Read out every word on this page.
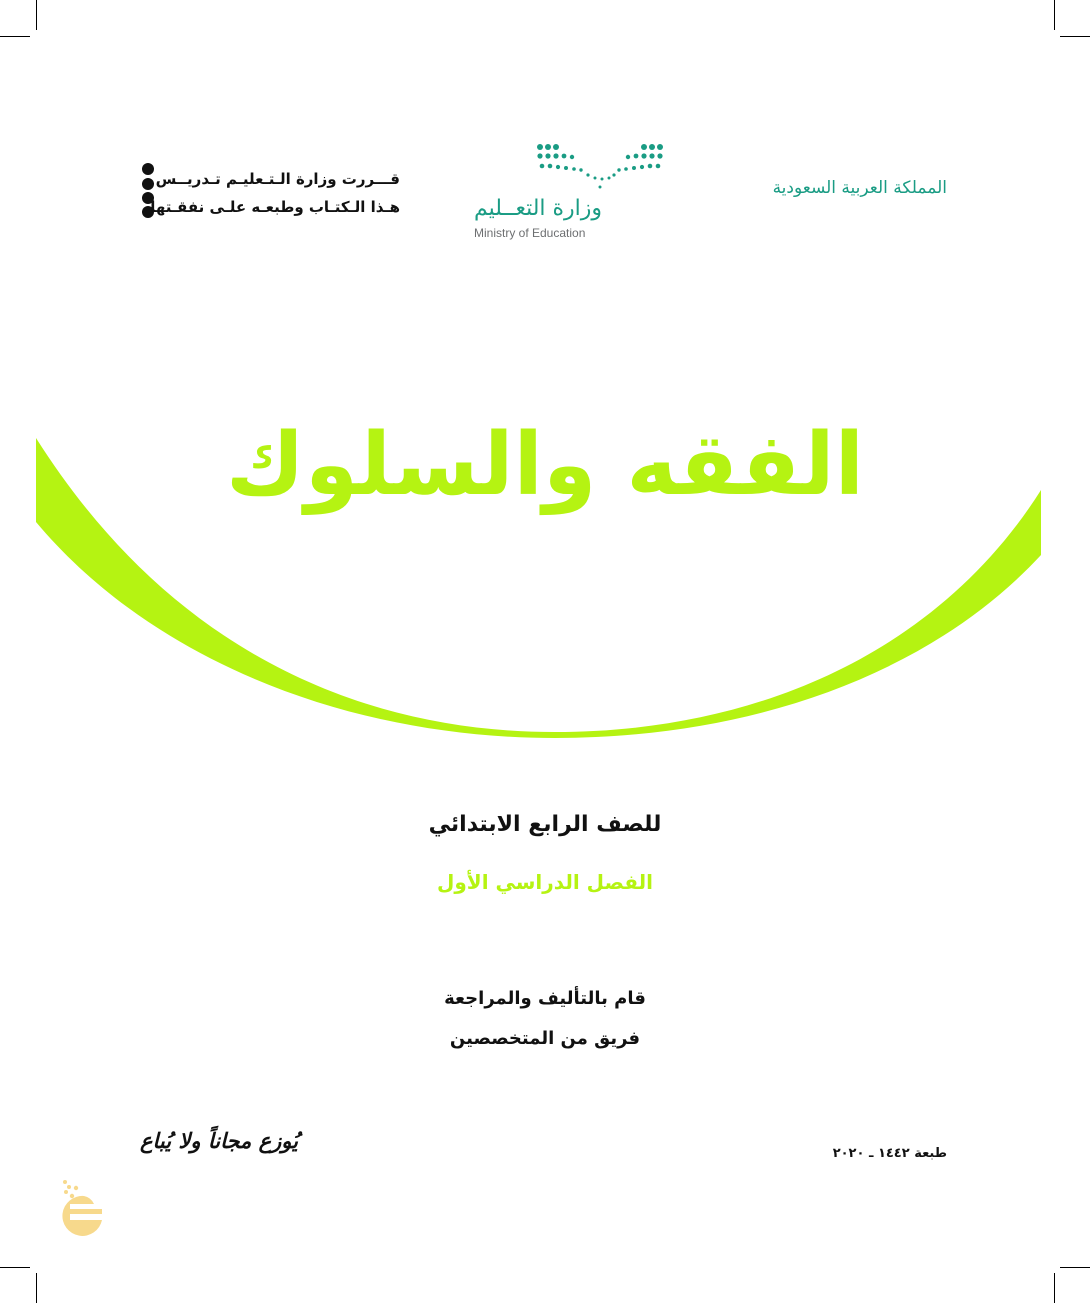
المملكة العربية السعودية
وزارة التعــليم
Ministry of Education
قـــررت وزارة الـتـعليـم تـدريــس
هـذا الـكتـاب وطبعـه علـى نفقـتها
الفقه والسلوك
للصف الرابع الابتدائي
الفصل الدراسي الأول
قام بالتأليف والمراجعة
فريق من المتخصصين
يُوزع مجاناً ولا يُباع
طبعة ١٤٤٢ ـ ٢٠٢٠
